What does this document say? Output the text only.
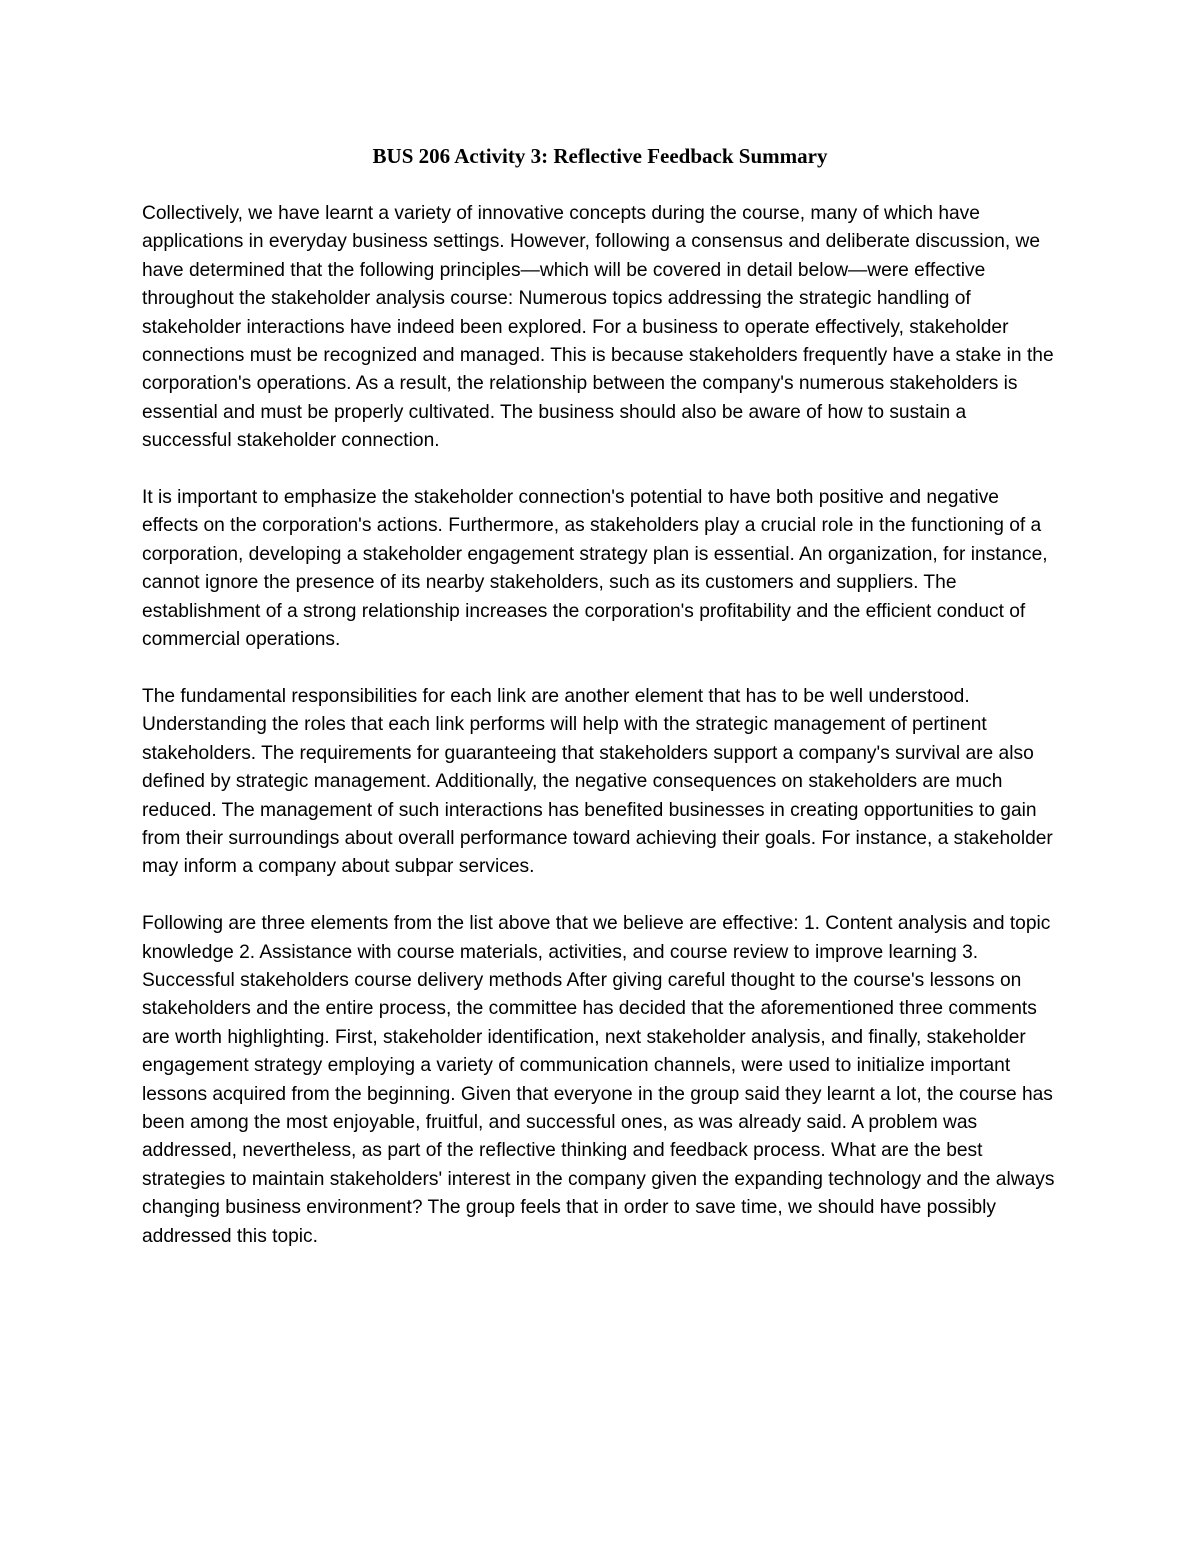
BUS 206 Activity 3: Reflective Feedback Summary

Collectively, we have learnt a variety of innovative concepts during the course, many of which have applications in everyday business settings. However, following a consensus and deliberate discussion, we have determined that the following principles—which will be covered in detail below—were effective throughout the stakeholder analysis course: Numerous topics addressing the strategic handling of stakeholder interactions have indeed been explored. For a business to operate effectively, stakeholder connections must be recognized and managed. This is because stakeholders frequently have a stake in the corporation's operations. As a result, the relationship between the company's numerous stakeholders is essential and must be properly cultivated. The business should also be aware of how to sustain a successful stakeholder connection.

It is important to emphasize the stakeholder connection's potential to have both positive and negative effects on the corporation's actions. Furthermore, as stakeholders play a crucial role in the functioning of a corporation, developing a stakeholder engagement strategy plan is essential. An organization, for instance, cannot ignore the presence of its nearby stakeholders, such as its customers and suppliers. The establishment of a strong relationship increases the corporation's profitability and the efficient conduct of commercial operations.

The fundamental responsibilities for each link are another element that has to be well understood. Understanding the roles that each link performs will help with the strategic management of pertinent stakeholders. The requirements for guaranteeing that stakeholders support a company's survival are also defined by strategic management. Additionally, the negative consequences on stakeholders are much reduced. The management of such interactions has benefited businesses in creating opportunities to gain from their surroundings about overall performance toward achieving their goals. For instance, a stakeholder may inform a company about subpar services.

Following are three elements from the list above that we believe are effective: 1. Content analysis and topic knowledge 2. Assistance with course materials, activities, and course review to improve learning 3. Successful stakeholders course delivery methods After giving careful thought to the course's lessons on stakeholders and the entire process, the committee has decided that the aforementioned three comments are worth highlighting. First, stakeholder identification, next stakeholder analysis, and finally, stakeholder engagement strategy employing a variety of communication channels, were used to initialize important lessons acquired from the beginning. Given that everyone in the group said they learnt a lot, the course has been among the most enjoyable, fruitful, and successful ones, as was already said. A problem was addressed, nevertheless, as part of the reflective thinking and feedback process. What are the best strategies to maintain stakeholders' interest in the company given the expanding technology and the always changing business environment? The group feels that in order to save time, we should have possibly addressed this topic.
